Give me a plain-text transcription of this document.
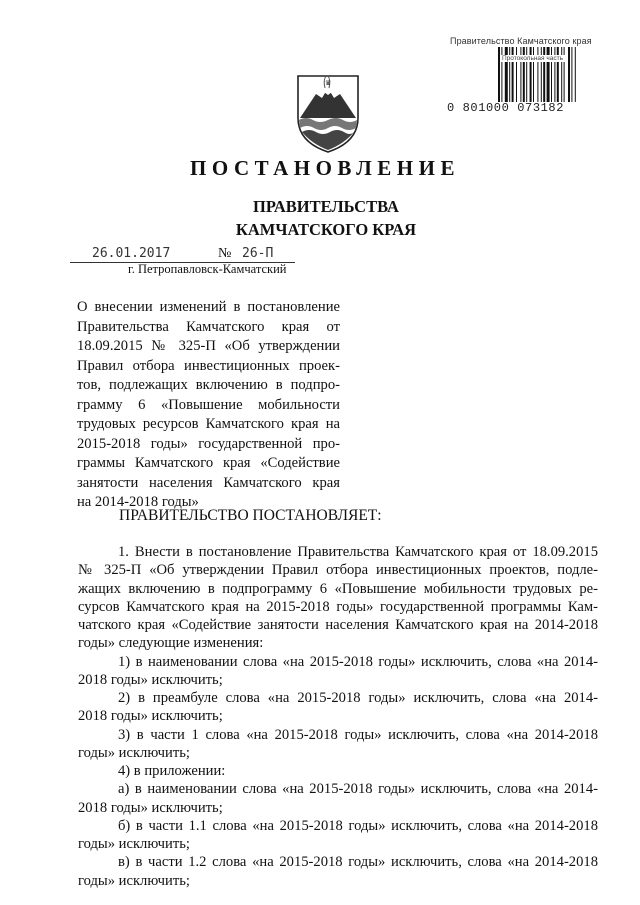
Правительство Камчатского края
Протокольная часть
0 801000 073182
♛
ПОСТАНОВЛЕНИЕ
ПРАВИТЕЛЬСТВА
КАМЧАТСКОГО КРАЯ
26.01.2017	№ 26-П
г. Петропавловск-Камчатский
О внесении изменений в постановление
Правительства Камчатского края от
18.09.2015 № 325-П «Об утверждении
Правил отбора инвестиционных проек-
тов, подлежащих включению в подпро-
грамму 6 «Повышение мобильности
трудовых ресурсов Камчатского края на
2015-2018 годы» государственной про-
граммы Камчатского края «Содействие
занятости населения Камчатского края
на 2014-2018 годы»
ПРАВИТЕЛЬСТВО ПОСТАНОВЛЯЕТ:
1. Внести в постановление Правительства Камчатского края от 18.09.2015
№ 325-П «Об утверждении Правил отбора инвестиционных проектов, подле-
жащих включению в подпрограмму 6 «Повышение мобильности трудовых ре-
сурсов Камчатского края на 2015-2018 годы» государственной программы Кам-
чатского края «Содействие занятости населения Камчатского края на 2014-2018
годы» следующие изменения:
1) в наименовании слова «на 2015-2018 годы» исключить, слова «на 2014-
2018 годы» исключить;
2) в преамбуле слова «на 2015-2018 годы» исключить, слова «на 2014-
2018 годы» исключить;
3) в части 1 слова «на 2015-2018 годы» исключить, слова «на 2014-2018
годы» исключить;
4) в приложении:
а) в наименовании слова «на 2015-2018 годы» исключить, слова «на 2014-
2018 годы» исключить;
б) в части 1.1 слова «на 2015-2018 годы» исключить, слова «на 2014-2018
годы» исключить;
в) в части 1.2 слова «на 2015-2018 годы» исключить, слова «на 2014-2018
годы» исключить;
